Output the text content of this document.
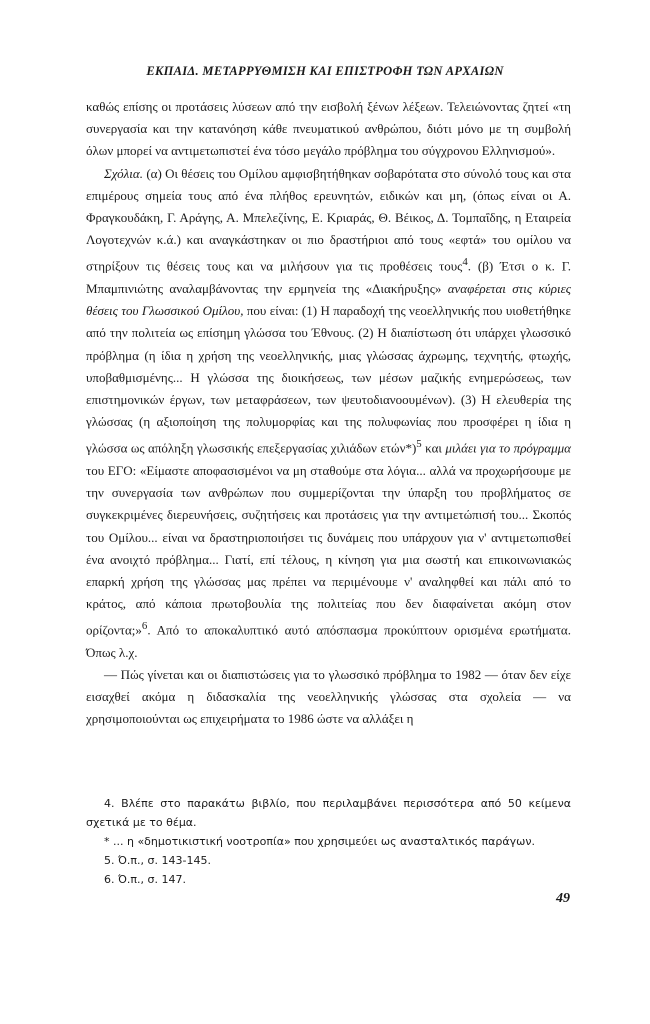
ΕΚΠΑΙΔ. ΜΕΤΑΡΡΥΘΜΙΣΗ ΚΑΙ ΕΠΙΣΤΡΟΦΗ ΤΩΝ ΑΡΧΑΙΩΝ

καθώς επίσης οι προτάσεις λύσεων από την εισβολή ξένων λέξεων. Τελειώνοντας ζητεί «τη συνεργασία και την κατανόηση κάθε πνευματικού ανθρώπου, διότι μόνο με τη συμβολή όλων μπορεί να αντιμετωπιστεί ένα τόσο μεγάλο πρόβλημα του σύγχρονου Ελληνισμού».

Σχόλια. (α) Οι θέσεις του Ομίλου αμφισβητήθηκαν σοβαρότατα στο σύνολό τους και στα επιμέρους σημεία τους από ένα πλήθος ερευνητών, ειδικών και μη, (όπως είναι οι Α. Φραγκουδάκη, Γ. Αράγης, Α. Μπελεζίνης, Ε. Κριαράς, Θ. Βέικος, Δ. Τομπαΐδης, η Εταιρεία Λογοτεχνών κ.ά.) και αναγκάστηκαν οι πιο δραστήριοι από τους «εφτά» του ομίλου να στηρίξουν τις θέσεις τους και να μιλήσουν για τις προθέσεις τους$^4$. (β) Έτσι ο κ. Γ. Μπαμπινιώτης αναλαμβάνοντας την ερμηνεία της «Διακήρυξης» αναφέρεται στις κύριες θέσεις του Γλωσσικού Ομίλου, που είναι: (1) Η παραδοχή της νεοελληνικής που υιοθετήθηκε από την πολιτεία ως επίσημη γλώσσα του Έθνους. (2) Η διαπίστωση ότι υπάρχει γλωσσικό πρόβλημα (η ίδια η χρήση της νεοελληνικής, μιας γλώσσας άχρωμης, τεχνητής, φτωχής, υποβαθμισμένης... Η γλώσσα της διοικήσεως, των μέσων μαζικής ενημερώσεως, των επιστημονικών έργων, των μεταφράσεων, των ψευτοδιανοουμένων). (3) Η ελευθερία της γλώσσας (η αξιοποίηση της πολυμορφίας και της πολυφωνίας που προσφέρει η ίδια η γλώσσα ως απόληξη γλωσσικής επεξεργασίας χιλιάδων ετών*)$^5$ και μιλάει για το πρόγραμμα του ΕΓΟ: «Είμαστε αποφασισμένοι να μη σταθούμε στα λόγια... αλλά να προχωρήσουμε με την συνεργασία των ανθρώπων που συμμερίζονται την ύπαρξη του προβλήματος σε συγκεκριμένες διερευνήσεις, συζητήσεις και προτάσεις για την αντιμετώπισή του... Σκοπός του Ομίλου... είναι να δραστηριοποιήσει τις δυνάμεις που υπάρχουν για ν' αντιμετωπισθεί ένα ανοιχτό πρόβλημα... Γιατί, επί τέλους, η κίνηση για μια σωστή και επικοινωνιακώς επαρκή χρήση της γλώσσας μας πρέπει να περιμένουμε ν' αναληφθεί και πάλι από το κράτος, από κάποια πρωτοβουλία της πολιτείας που δεν διαφαίνεται ακόμη στον ορίζοντα;»$^6$. Από το αποκαλυπτικό αυτό απόσπασμα προκύπτουν ορισμένα ερωτήματα. Όπως λ.χ.

— Πώς γίνεται και οι διαπιστώσεις για το γλωσσικό πρόβλημα το 1982 — όταν δεν είχε εισαχθεί ακόμα η διδασκαλία της νεοελληνικής γλώσσας στα σχολεία — να χρησιμοποιούνται ως επιχειρήματα το 1986 ώστε να αλλάξει η

4. Βλέπε στο παρακάτω βιβλίο, που περιλαμβάνει περισσότερα από 50 κείμενα σχετικά με το θέμα.

* ... η «δημοτικιστική νοοτροπία» που χρησιμεύει ως ανασταλτικός παράγων.

5. Ό.π., σ. 143-145.

6. Ό.π., σ. 147.

49
